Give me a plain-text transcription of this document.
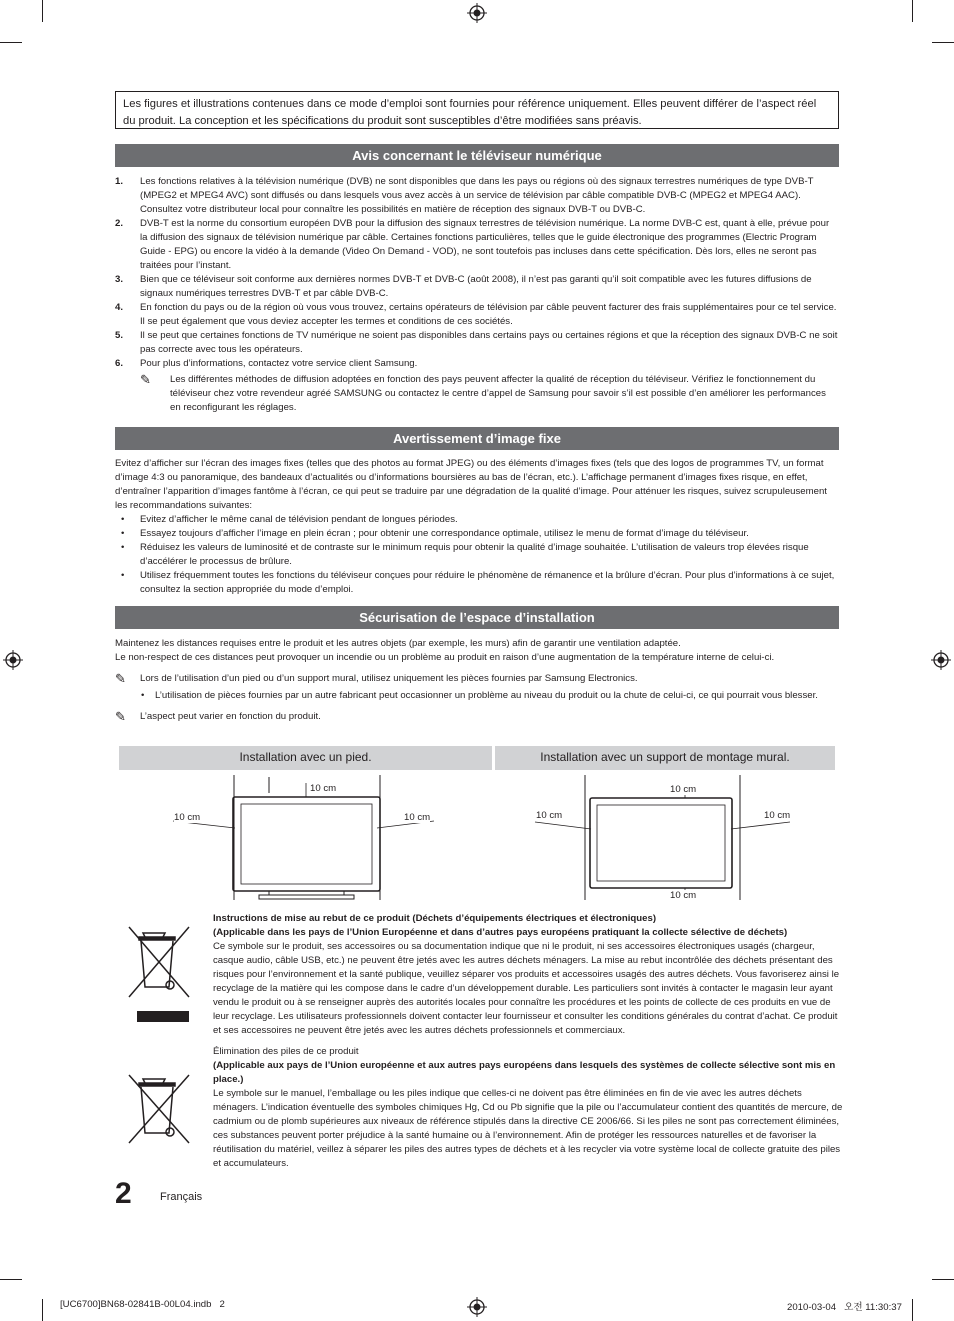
Les figures et illustrations contenues dans ce mode d’emploi sont fournies pour référence uniquement. Elles peuvent différer de l’aspect réel du produit. La conception et les spécifications du produit sont susceptibles d’être modifiées sans préavis.
Avis concernant le téléviseur numérique
1. Les fonctions relatives à la télévision numérique (DVB) ne sont disponibles que dans les pays ou régions où des signaux terrestres numériques de type DVB-T (MPEG2 et MPEG4 AVC) sont diffusés ou dans lesquels vous avez accès à un service de télévision par câble compatible DVB-C (MPEG2 et MPEG4 AAC). Consultez votre distributeur local pour connaître les possibilités en matière de réception des signaux DVB-T ou DVB-C.
2. DVB-T est la norme du consortium européen DVB pour la diffusion des signaux terrestres de télévision numérique. La norme DVB-C est, quant à elle, prévue pour la diffusion des signaux de télévision numérique par câble. Certaines fonctions particulières, telles que le guide électronique des programmes (Electric Program Guide - EPG) ou encore la vidéo à la demande (Video On Demand - VOD), ne sont toutefois pas incluses dans cette spécification. Dès lors, elles ne seront pas traitées pour l’instant.
3. Bien que ce téléviseur soit conforme aux dernières normes DVB-T et DVB-C (août 2008), il n’est pas garanti qu’il soit compatible avec les futures diffusions de signaux numériques terrestres DVB-T et par câble DVB-C.
4. En fonction du pays ou de la région où vous vous trouvez, certains opérateurs de télévision par câble peuvent facturer des frais supplémentaires pour ce tel service. Il se peut également que vous deviez accepter les termes et conditions de ces sociétés.
5. Il se peut que certaines fonctions de TV numérique ne soient pas disponibles dans certains pays ou certaines régions et que la réception des signaux DVB-C ne soit pas correcte avec tous les opérateurs.
6. Pour plus d’informations, contactez votre service client Samsung.
✎ Les différentes méthodes de diffusion adoptées en fonction des pays peuvent affecter la qualité de réception du téléviseur. Vérifiez le fonctionnement du téléviseur chez votre revendeur agréé SAMSUNG ou contactez le centre d’appel de Samsung pour savoir s’il est possible d’en améliorer les performances en reconfigurant les réglages.
Avertissement d’image fixe
Evitez d’afficher sur l’écran des images fixes (telles que des photos au format JPEG) ou des éléments d’images fixes (tels que des logos de programmes TV, un format d’image 4:3 ou panoramique, des bandeaux d’actualités ou d’informations boursières au bas de l’écran, etc.). L’affichage permanent d’images fixes risque, en effet, d’entraîner l’apparition d’images fantôme à l’écran, ce qui peut se traduire par une dégradation de la qualité d’image. Pour atténuer les risques, suivez scrupuleusement les recommandations suivantes:
• Evitez d’afficher le même canal de télévision pendant de longues périodes.
• Essayez toujours d’afficher l’image en plein écran ; pour obtenir une correspondance optimale, utilisez le menu de format d’image du téléviseur.
• Réduisez les valeurs de luminosité et de contraste sur le minimum requis pour obtenir la qualité d’image souhaitée. L’utilisation de valeurs trop élevées risque d’accélérer le processus de brûlure.
• Utilisez fréquemment toutes les fonctions du téléviseur conçues pour réduire le phénomène de rémanence et la brûlure d’écran. Pour plus d’informations à ce sujet, consultez la section appropriée du mode d’emploi.
Sécurisation de l’espace d’installation
Maintenez les distances requises entre le produit et les autres objets (par exemple, les murs) afin de garantir une ventilation adaptée.
Le non-respect de ces distances peut provoquer un incendie ou un problème au produit en raison d’une augmentation de la température interne de celui-ci.
✎ Lors de l’utilisation d’un pied ou d’un support mural, utilisez uniquement les pièces fournies par Samsung Electronics.
• L’utilisation de pièces fournies par un autre fabricant peut occasionner un problème au niveau du produit ou la chute de celui-ci, ce qui pourrait vous blesser.
✎ L’aspect peut varier en fonction du produit.
Installation avec un pied.	Installation avec un support de montage mural.
10 cm	10 cm
10 cm
10 cm	10 cm
10 cm
10 cm
Instructions de mise au rebut de ce produit (Déchets d’équipements électriques et électroniques)
(Applicable dans les pays de l’Union Européenne et dans d’autres pays européens pratiquant la collecte sélective de déchets)
Ce symbole sur le produit, ses accessoires ou sa documentation indique que ni le produit, ni ses accessoires électroniques usagés (chargeur, casque audio, câble USB, etc.) ne peuvent être jetés avec les autres déchets ménagers. La mise au rebut incontrôlée des déchets présentant des risques pour l’environnement et la santé publique, veuillez séparer vos produits et accessoires usagés des autres déchets. Vous favoriserez ainsi le recyclage de la matière qui les compose dans le cadre d’un développement durable. Les particuliers sont invités à contacter le magasin leur ayant vendu le produit ou à se renseigner auprès des autorités locales pour connaître les procédures et les points de collecte de ces produits en vue de leur recyclage. Les utilisateurs professionnels doivent contacter leur fournisseur et consulter les conditions générales du contrat d’achat. Ce produit et ses accessoires ne peuvent être jetés avec les autres déchets professionnels et commerciaux.
Élimination des piles de ce produit
(Applicable aux pays de l’Union européenne et aux autres pays européens dans lesquels des systèmes de collecte sélective sont mis en place.)
Le symbole sur le manuel, l’emballage ou les piles indique que celles-ci ne doivent pas être éliminées en fin de vie avec les autres déchets ménagers. L’indication éventuelle des symboles chimiques Hg, Cd ou Pb signifie que la pile ou l’accumulateur contient des quantités de mercure, de cadmium ou de plomb supérieures aux niveaux de référence stipulés dans la directive CE 2006/66. Si les piles ne sont pas correctement éliminées, ces substances peuvent porter préjudice à la santé humaine ou à l’environnement. Afin de protéger les ressources naturelles et de favoriser la réutilisation du matériel, veillez à séparer les piles des autres types de déchets et à les recycler via votre système local de collecte gratuite des piles et accumulateurs.
2	Français
[UC6700]BN68-02841B-00L04.indb   2	2010-03-04   오전 11:30:37
